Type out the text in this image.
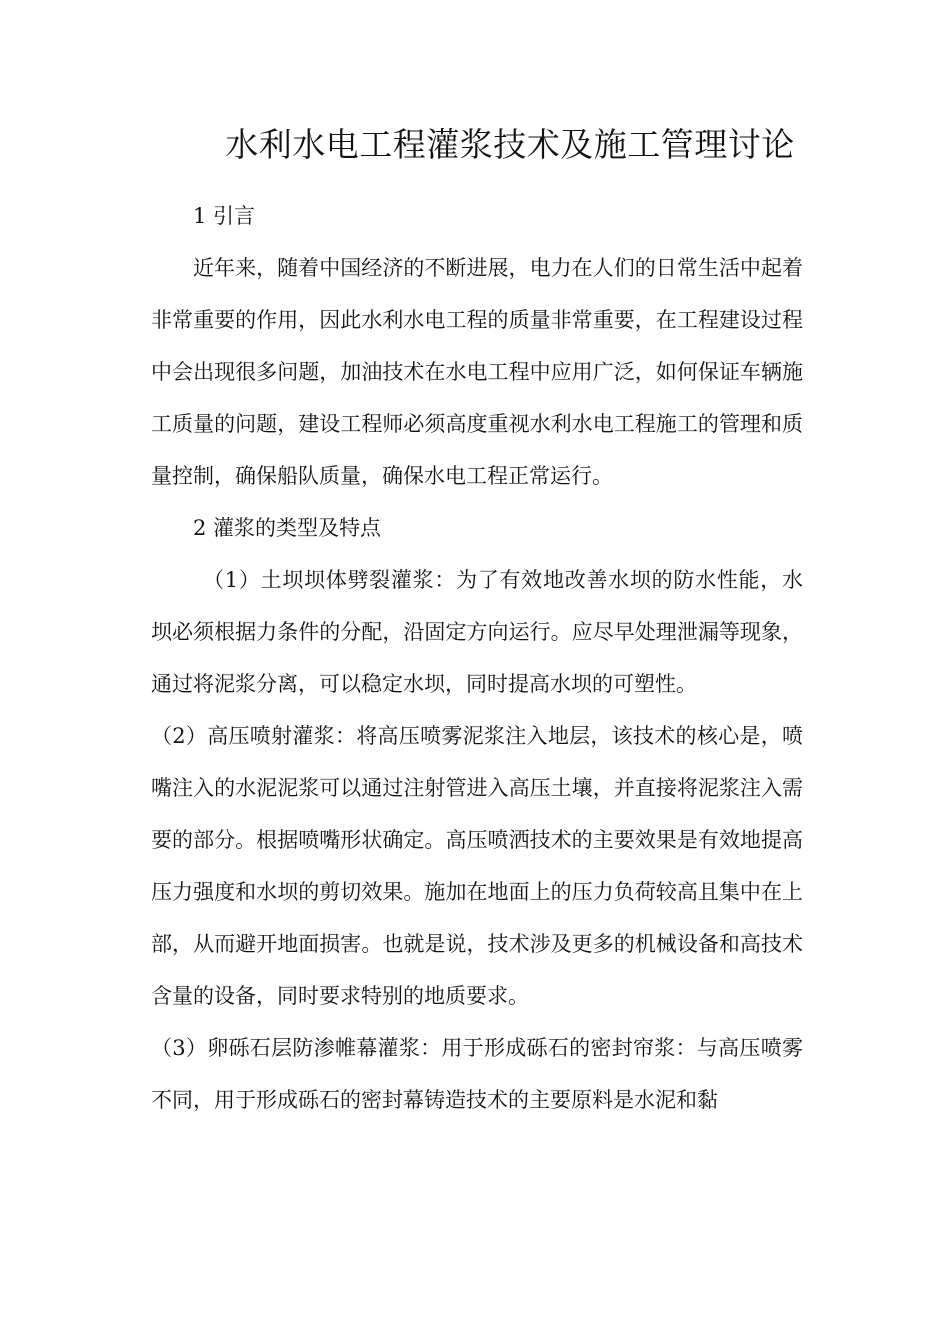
水利水电工程灌浆技术及施工管理讨论

1 引言

近年来，随着中国经济的不断进展，电力在人们的日常生活中起着非常重要的作用，因此水利水电工程的质量非常重要，在工程建设过程中会出现很多问题，加油技术在水电工程中应用广泛，如何保证车辆施工质量的问题，建设工程师必须高度重视水利水电工程施工的管理和质量控制，确保船队质量，确保水电工程正常运行。

2 灌浆的类型及特点

（1）土坝坝体劈裂灌浆：为了有效地改善水坝的防水性能，水坝必须根据力条件的分配，沿固定方向运行。应尽早处理泄漏等现象，通过将泥浆分离，可以稳定水坝，同时提高水坝的可塑性。

（2）高压喷射灌浆：将高压喷雾泥浆注入地层，该技术的核心是，喷嘴注入的水泥泥浆可以通过注射管进入高压土壤，并直接将泥浆注入需要的部分。根据喷嘴形状确定。高压喷洒技术的主要效果是有效地提高压力强度和水坝的剪切效果。施加在地面上的压力负荷较高且集中在上部，从而避开地面损害。也就是说，技术涉及更多的机械设备和高技术含量的设备，同时要求特别的地质要求。

（3）卵砾石层防渗帷幕灌浆：用于形成砾石的密封帘浆：与高压喷雾不同，用于形成砾石的密封幕铸造技术的主要原料是水泥和黏
